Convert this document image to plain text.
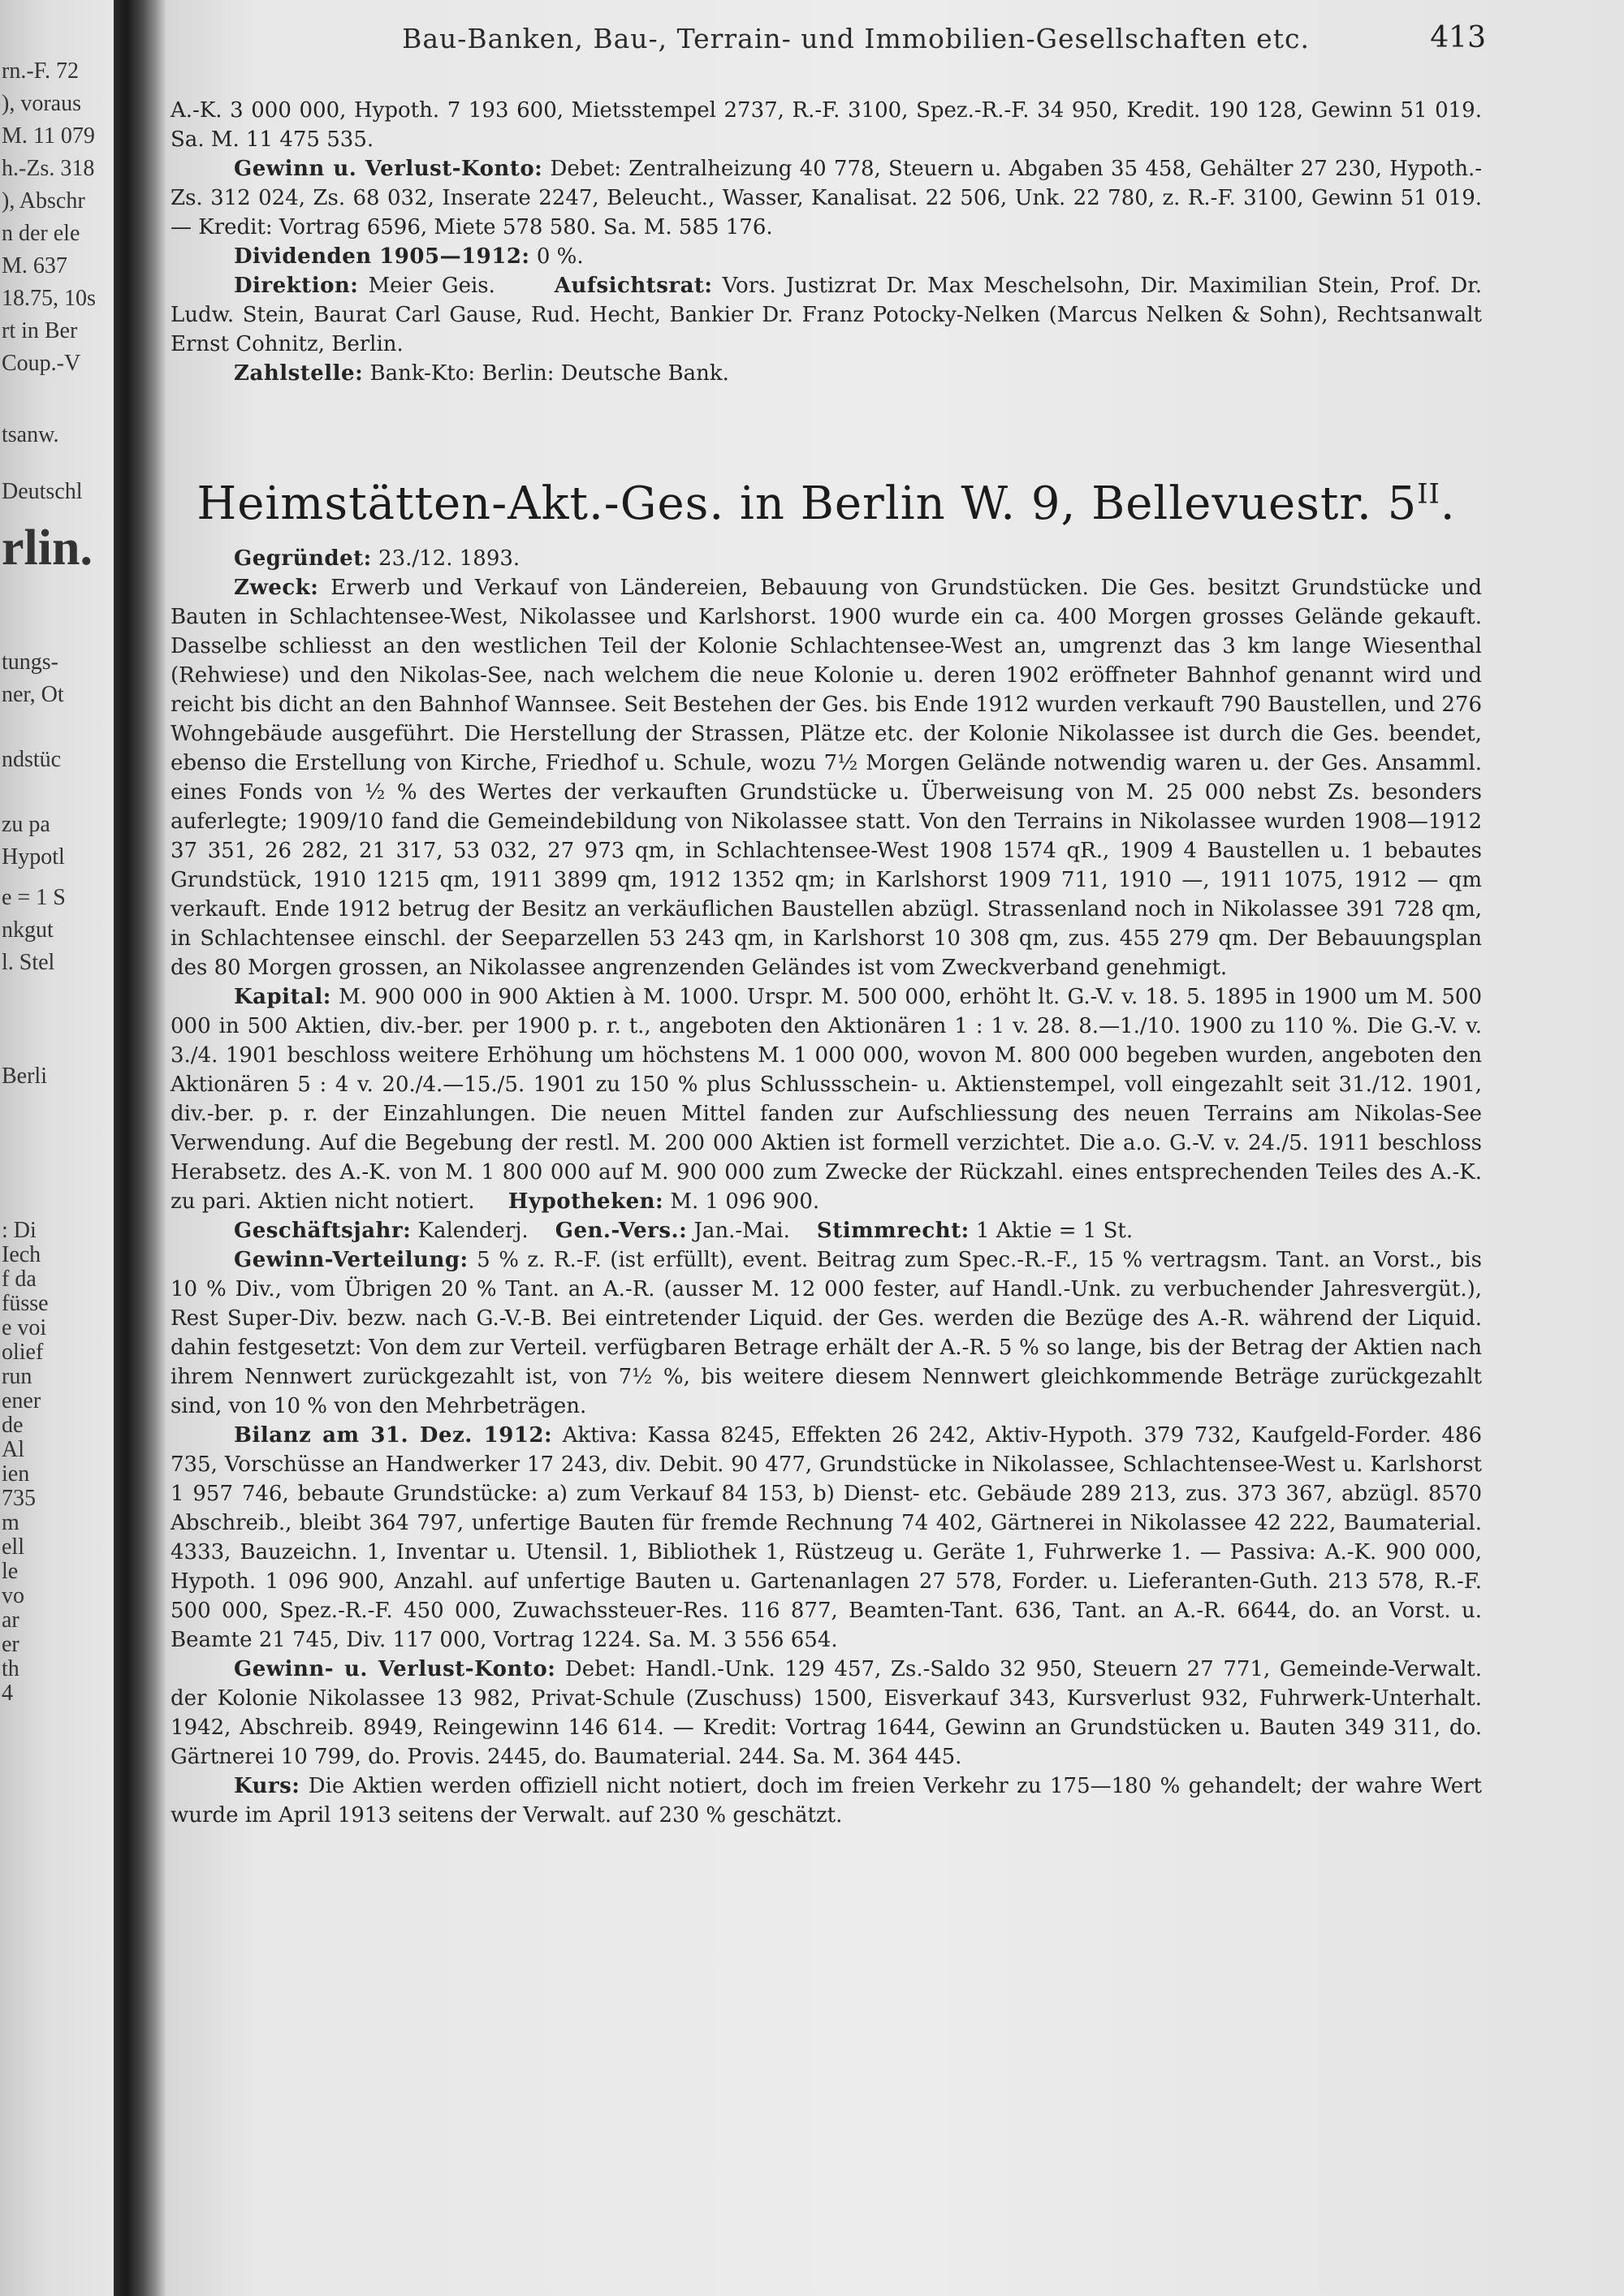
rn.-F. 72
), voraus
M. 11 079
h.-Zs. 318
), Abschr
n der ele
M. 637
18.75, 10s
rt in Ber
Coup.-V
tsanw.
Deutschl
rlin.
tungs-
ner, Ot
ndstüc
zu pa
Hypotl
e = 1 S
nkgut
l. Stel
Berli
: Di
Iech
f da
füsse
e voi
olief
run
ener
de
Al
ien
735
m
ell
le
vo
ar
er
th
4
Bau-Banken, Bau-, Terrain- und Immobilien-Gesellschaften etc.	413

A.-K. 3 000 000, Hypoth. 7 193 600, Mietsstempel 2737, R.-F. 3100, Spez.-R.-F. 34 950, Kredit. 190 128, Gewinn 51 019. Sa. M. 11 475 535.

Gewinn u. Verlust-Konto: Debet: Zentralheizung 40 778, Steuern u. Abgaben 35 458, Gehälter 27 230, Hypoth.-Zs. 312 024, Zs. 68 032, Inserate 2247, Beleucht., Wasser, Kanalisat. 22 506, Unk. 22 780, z. R.-F. 3100, Gewinn 51 019. — Kredit: Vortrag 6596, Miete 578 580. Sa. M. 585 176.

Dividenden 1905—1912: 0 %.

Direktion: Meier Geis.	Aufsichtsrat: Vors. Justizrat Dr. Max Meschelsohn, Dir. Maximilian Stein, Prof. Dr. Ludw. Stein, Baurat Carl Gause, Rud. Hecht, Bankier Dr. Franz Potocky-Nelken (Marcus Nelken & Sohn), Rechtsanwalt Ernst Cohnitz, Berlin.

Zahlstelle: Bank-Kto: Berlin: Deutsche Bank.

Heimstätten-Akt.-Ges. in Berlin W. 9, Bellevuestr. $5^{II}$.

Gegründet: 23./12. 1893.

Zweck: Erwerb und Verkauf von Ländereien, Bebauung von Grundstücken. Die Ges. besitzt Grundstücke und Bauten in Schlachtensee-West, Nikolassee und Karlshorst. 1900 wurde ein ca. 400 Morgen grosses Gelände gekauft. Dasselbe schliesst an den westlichen Teil der Kolonie Schlachtensee-West an, umgrenzt das 3 km lange Wiesenthal (Rehwiese) und den Nikolas-See, nach welchem die neue Kolonie u. deren 1902 eröffneter Bahnhof genannt wird und reicht bis dicht an den Bahnhof Wannsee. Seit Bestehen der Ges. bis Ende 1912 wurden verkauft 790 Baustellen, und 276 Wohngebäude ausgeführt. Die Herstellung der Strassen, Plätze etc. der Kolonie Nikolassee ist durch die Ges. beendet, ebenso die Erstellung von Kirche, Friedhof u. Schule, wozu 7½ Morgen Gelände notwendig waren u. der Ges. Ansamml. eines Fonds von ½ % des Wertes der verkauften Grundstücke u. Überweisung von M. 25 000 nebst Zs. besonders auferlegte; 1909/10 fand die Gemeindebildung von Nikolassee statt. Von den Terrains in Nikolassee wurden 1908—1912 37 351, 26 282, 21 317, 53 032, 27 973 qm, in Schlachtensee-West 1908 1574 qR., 1909 4 Baustellen u. 1 bebautes Grundstück, 1910 1215 qm, 1911 3899 qm, 1912 1352 qm; in Karlshorst 1909 711, 1910 —, 1911 1075, 1912 — qm verkauft. Ende 1912 betrug der Besitz an verkäuflichen Baustellen abzügl. Strassenland noch in Nikolassee 391 728 qm, in Schlachtensee einschl. der Seeparzellen 53 243 qm, in Karlshorst 10 308 qm, zus. 455 279 qm. Der Bebauungsplan des 80 Morgen grossen, an Nikolassee angrenzenden Geländes ist vom Zweckverband genehmigt.

Kapital: M. 900 000 in 900 Aktien à M. 1000. Urspr. M. 500 000, erhöht lt. G.-V. v. 18. 5. 1895 in 1900 um M. 500 000 in 500 Aktien, div.-ber. per 1900 p. r. t., angeboten den Aktionären 1 : 1 v. 28. 8.—1./10. 1900 zu 110 %. Die G.-V. v. 3./4. 1901 beschloss weitere Erhöhung um höchstens M. 1 000 000, wovon M. 800 000 begeben wurden, angeboten den Aktionären 5 : 4 v. 20./4.—15./5. 1901 zu 150 % plus Schlussschein- u. Aktienstempel, voll eingezahlt seit 31./12. 1901, div.-ber. p. r. der Einzahlungen. Die neuen Mittel fanden zur Aufschliessung des neuen Terrains am Nikolas-See Verwendung. Auf die Begebung der restl. M. 200 000 Aktien ist formell verzichtet. Die a.o. G.-V. v. 24./5. 1911 beschloss Herabsetz. des A.-K. von M. 1 800 000 auf M. 900 000 zum Zwecke der Rückzahl. eines entsprechenden Teiles des A.-K. zu pari. Aktien nicht notiert. Hypotheken: M. 1 096 900.

Geschäftsjahr: Kalenderj. Gen.-Vers.: Jan.-Mai. Stimmrecht: 1 Aktie = 1 St.

Gewinn-Verteilung: 5 % z. R.-F. (ist erfüllt), event. Beitrag zum Spec.-R.-F., 15 % vertragsm. Tant. an Vorst., bis 10 % Div., vom Übrigen 20 % Tant. an A.-R. (ausser M. 12 000 fester, auf Handl.-Unk. zu verbuchender Jahresvergüt.), Rest Super-Div. bezw. nach G.-V.-B. Bei eintretender Liquid. der Ges. werden die Bezüge des A.-R. während der Liquid. dahin festgesetzt: Von dem zur Verteil. verfügbaren Betrage erhält der A.-R. 5 % so lange, bis der Betrag der Aktien nach ihrem Nennwert zurückgezahlt ist, von 7½ %, bis weitere diesem Nennwert gleichkommende Beträge zurückgezahlt sind, von 10 % von den Mehrbeträgen.

Bilanz am 31. Dez. 1912: Aktiva: Kassa 8245, Effekten 26 242, Aktiv-Hypoth. 379 732, Kaufgeld-Forder. 486 735, Vorschüsse an Handwerker 17 243, div. Debit. 90 477, Grundstücke in Nikolassee, Schlachtensee-West u. Karlshorst 1 957 746, bebaute Grundstücke: a) zum Verkauf 84 153, b) Dienst- etc. Gebäude 289 213, zus. 373 367, abzügl. 8570 Abschreib., bleibt 364 797, unfertige Bauten für fremde Rechnung 74 402, Gärtnerei in Nikolassee 42 222, Baumaterial. 4333, Bauzeichn. 1, Inventar u. Utensil. 1, Bibliothek 1, Rüstzeug u. Geräte 1, Fuhrwerke 1. — Passiva: A.-K. 900 000, Hypoth. 1 096 900, Anzahl. auf unfertige Bauten u. Gartenanlagen 27 578, Forder. u. Lieferanten-Guth. 213 578, R.-F. 500 000, Spez.-R.-F. 450 000, Zuwachssteuer-Res. 116 877, Beamten-Tant. 636, Tant. an A.-R. 6644, do. an Vorst. u. Beamte 21 745, Div. 117 000, Vortrag 1224. Sa. M. 3 556 654.

Gewinn- u. Verlust-Konto: Debet: Handl.-Unk. 129 457, Zs.-Saldo 32 950, Steuern 27 771, Gemeinde-Verwalt. der Kolonie Nikolassee 13 982, Privat-Schule (Zuschuss) 1500, Eisverkauf 343, Kursverlust 932, Fuhrwerk-Unterhalt. 1942, Abschreib. 8949, Reingewinn 146 614. — Kredit: Vortrag 1644, Gewinn an Grundstücken u. Bauten 349 311, do. Gärtnerei 10 799, do. Provis. 2445, do. Baumaterial. 244. Sa. M. 364 445.

Kurs: Die Aktien werden offiziell nicht notiert, doch im freien Verkehr zu 175—180 % gehandelt; der wahre Wert wurde im April 1913 seitens der Verwalt. auf 230 % geschätzt.
